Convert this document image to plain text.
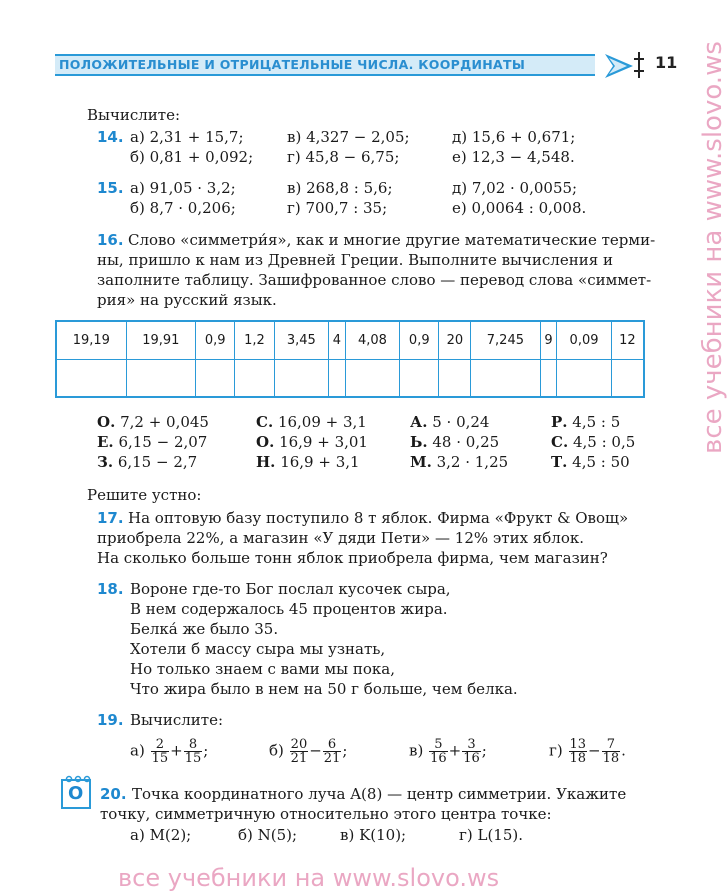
ПОЛОЖИТЕЛЬНЫЕ И ОТРИЦАТЕЛЬНЫЕ ЧИСЛА. КООРДИНАТЫ	11
Вычислите:
14. а) 2,31 + 15,7;	в) 4,327 − 2,05;	д) 15,6 + 0,671;
б) 0,81 + 0,092; г) 45,8 − 6,75;	е) 12,3 − 4,548.
15. а) 91,05 · 3,2;	в) 268,8 : 5,6;	д) 7,02 · 0,0055;
б) 8,7 · 0,206;	г) 700,7 : 35;	е) 0,0064 : 0,008.
16. Слово «симметри́я», как и многие другие математические терми-
ны, пришло к нам из Древней Греции. Выполните вычисления и
заполните таблицу. Зашифрованное слово — перевод слова «симмет-
рия» на русский язык.
19,19	19,91	0,9	1,2	3,45	4	4,08	0,9	20	7,245	9	0,09	12

О. 7,2 + 0,045	С. 16,09 + 3,1	А. 5 · 0,24	Р. 4,5 : 5
Е. 6,15 − 2,07	О. 16,9 + 3,01	Ь. 48 · 0,25	С. 4,5 : 0,5
З. 6,15 − 2,7	Н. 16,9 + 3,1	М. 3,2 · 1,25	Т. 4,5 : 50
Решите устно:
17. На оптовую базу поступило 8 т яблок. Фирма «Фрукт & Овощ»
приобрела 22%, а магазин «У дяди Пети» — 12% этих яблок.
На сколько больше тонн яблок приобрела фирма, чем магазин?
18. Вороне где-то Бог послал кусочек сыра,
В нем содержалось 45 процентов жира.
Белка́ же было 35.
Хотели б массу сыра мы узнать,
Но только знаем с вами мы пока,
Что жира было в нем на 50 г больше, чем белка.
19. Вычислите:
$а) \frac{2}{15} + \frac{8}{15}$ ;	$б) \frac{20}{21} - \frac{6}{21}$ ;	$в) \frac{5}{16} + \frac{3}{16}$ ;	$г) \frac{13}{18} - \frac{7}{18}$ .
О 20. Точка координатного луча A(8) — центр симметрии. Укажите
точку, симметричную относительно этого центра точке:
а) M(2);	б) N(5);	в) K(10);	г) L(15).
все учебники на www.slovo.ws
все учебники на www.slovo.ws
